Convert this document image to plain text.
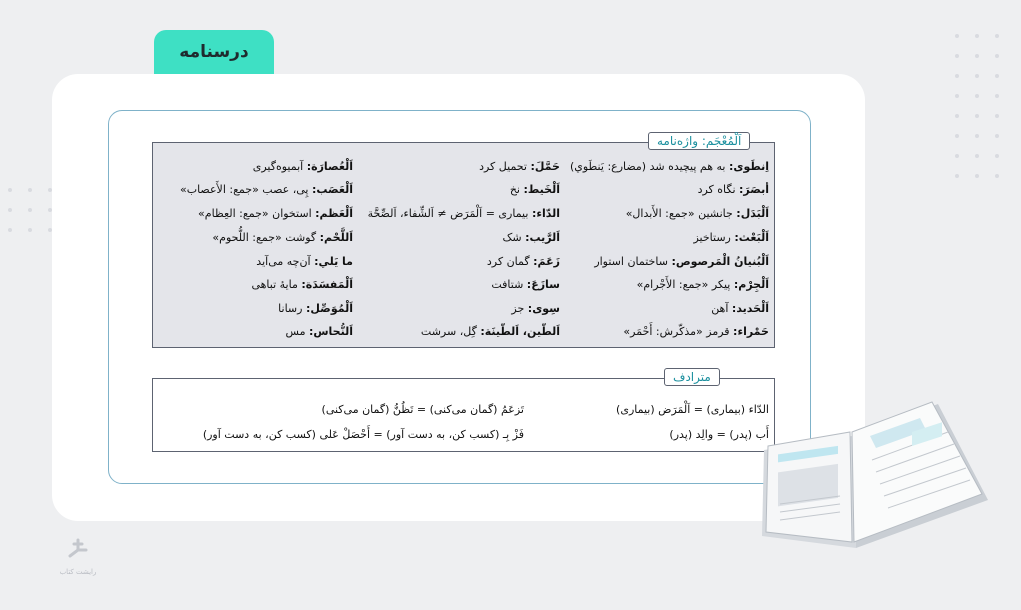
درسنامه
اَلْمُعْجَم: واژه‌نامه
اِنطَوی: به هم پیچیده شد (مضارع: یَنطَوي)
أبصَرَ: نگاه کرد
اَلْبَدَل: جانشین «جمع: الأَبدال»
اَلْبَعْث: رستاخیز
اَلْبُنیانُ الْمَرصوص: ساختمان استوار
اَلْجِرْم: پیکر «جمع: الأَجْرام»
اَلْحَدید: آهن
حَمْراء: قرمز «مذکّرش: أَحْمَر»
حَمَّلَ: تحمیل کرد
اَلْخَیط: نخ
الدّاء: بیماری = اَلْمَرَض ≠ اَلشِّفاء، اَلصِّحَّة
اَلرَّیب: شک
زَعَمَ: گمان کرد
سازَعَ: شتافت
سِوی: جز
اَلطّین، اَلطّینَة: گِل، سرشت
اَلْعُصارَة: آبمیوه‌گیری
اَلْعَصَب: پِی، عصب «جمع: الأَعصاب»
اَلْعَظم: استخوان «جمع: العِظام»
اَللَّحْم: گوشت «جمع: اللُّحوم»
ما یَلي: آن‌چه می‌آید
اَلْمَفسَدَة: مایهٔ تباهی
اَلْمُوَصِّل: رسانا
اَلنُّحاس: مس
مترادف
الدّاء (بیماری) = اَلْمَرَض (بیماری)
أَب (پدر) = والِد (پدر)
تَزعَمُ (گمان می‌کنی) = تَظُنُّ (گمان می‌کنی)
فَزْ بِـ (کسب کن، به دست آور) = أَحْصَلْ عَلی (کسب کن، به دست آور)
رایشت کتاب
